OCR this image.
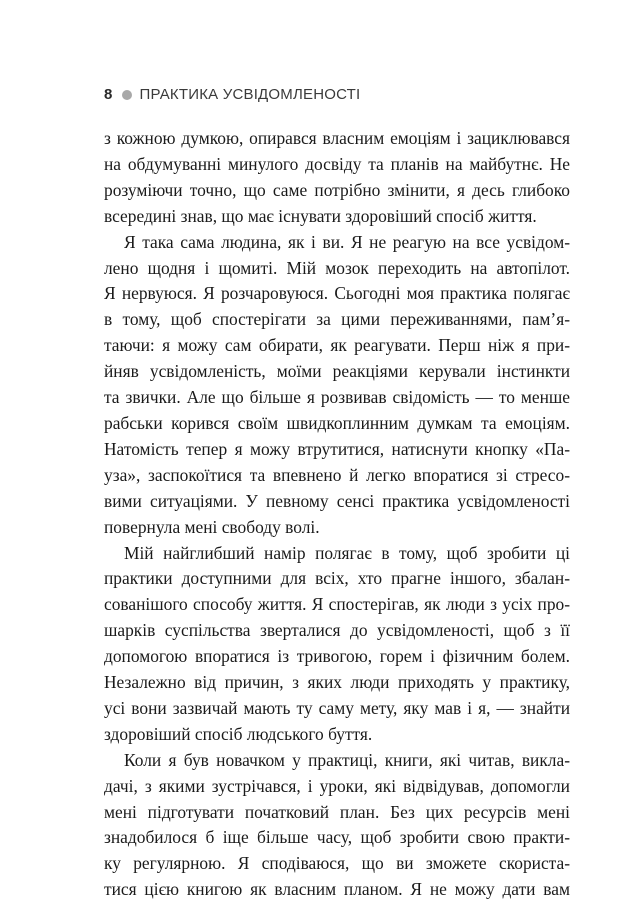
8 ПРАКТИКА УСВІДОМЛЕНОСТІ
з кожною думкою, опирався власним емоціям і зациклювався
на обдумуванні минулого досвіду та планів на майбутнє. Не
розуміючи точно, що саме потрібно змінити, я десь глибоко
всередині знав, що має існувати здоровіший спосіб життя.
Я така сама людина, як і ви. Я не реагую на все усвідом-
лено щодня і щомиті. Мій мозок переходить на автопілот.
Я нервуюся. Я розчаровуюся. Сьогодні моя практика полягає
в тому, щоб спостерігати за цими переживаннями, пам’я-
таючи: я можу сам обирати, як реагувати. Перш ніж я при-
йняв усвідомленість, моїми реакціями керували інстинкти
та звички. Але що більше я розвивав свідомість — то менше
рабськи корився своїм швидкоплинним думкам та емоціям.
Натомість тепер я можу втрутитися, натиснути кнопку «Па-
уза», заспокоїтися та впевнено й легко впоратися зі стресо-
вими ситуаціями. У певному сенсі практика усвідомленості
повернула мені свободу волі.
Мій найглибший намір полягає в тому, щоб зробити ці
практики доступними для всіх, хто прагне іншого, збалан-
сованішого способу життя. Я спостерігав, як люди з усіх про-
шарків суспільства зверталися до усвідомленості, щоб з її
допомогою впоратися із тривогою, горем і фізичним болем.
Незалежно від причин, з яких люди приходять у практику,
усі вони зазвичай мають ту саму мету, яку мав і я, — знайти
здоровіший спосіб людського буття.
Коли я був новачком у практиці, книги, які читав, викла-
дачі, з якими зустрічався, і уроки, які відвідував, допомогли
мені підготувати початковий план. Без цих ресурсів мені
знадобилося б іще більше часу, щоб зробити свою практи-
ку регулярною. Я сподіваюся, що ви зможете скориста-
тися цією книгою як власним планом. Я не можу дати вам
